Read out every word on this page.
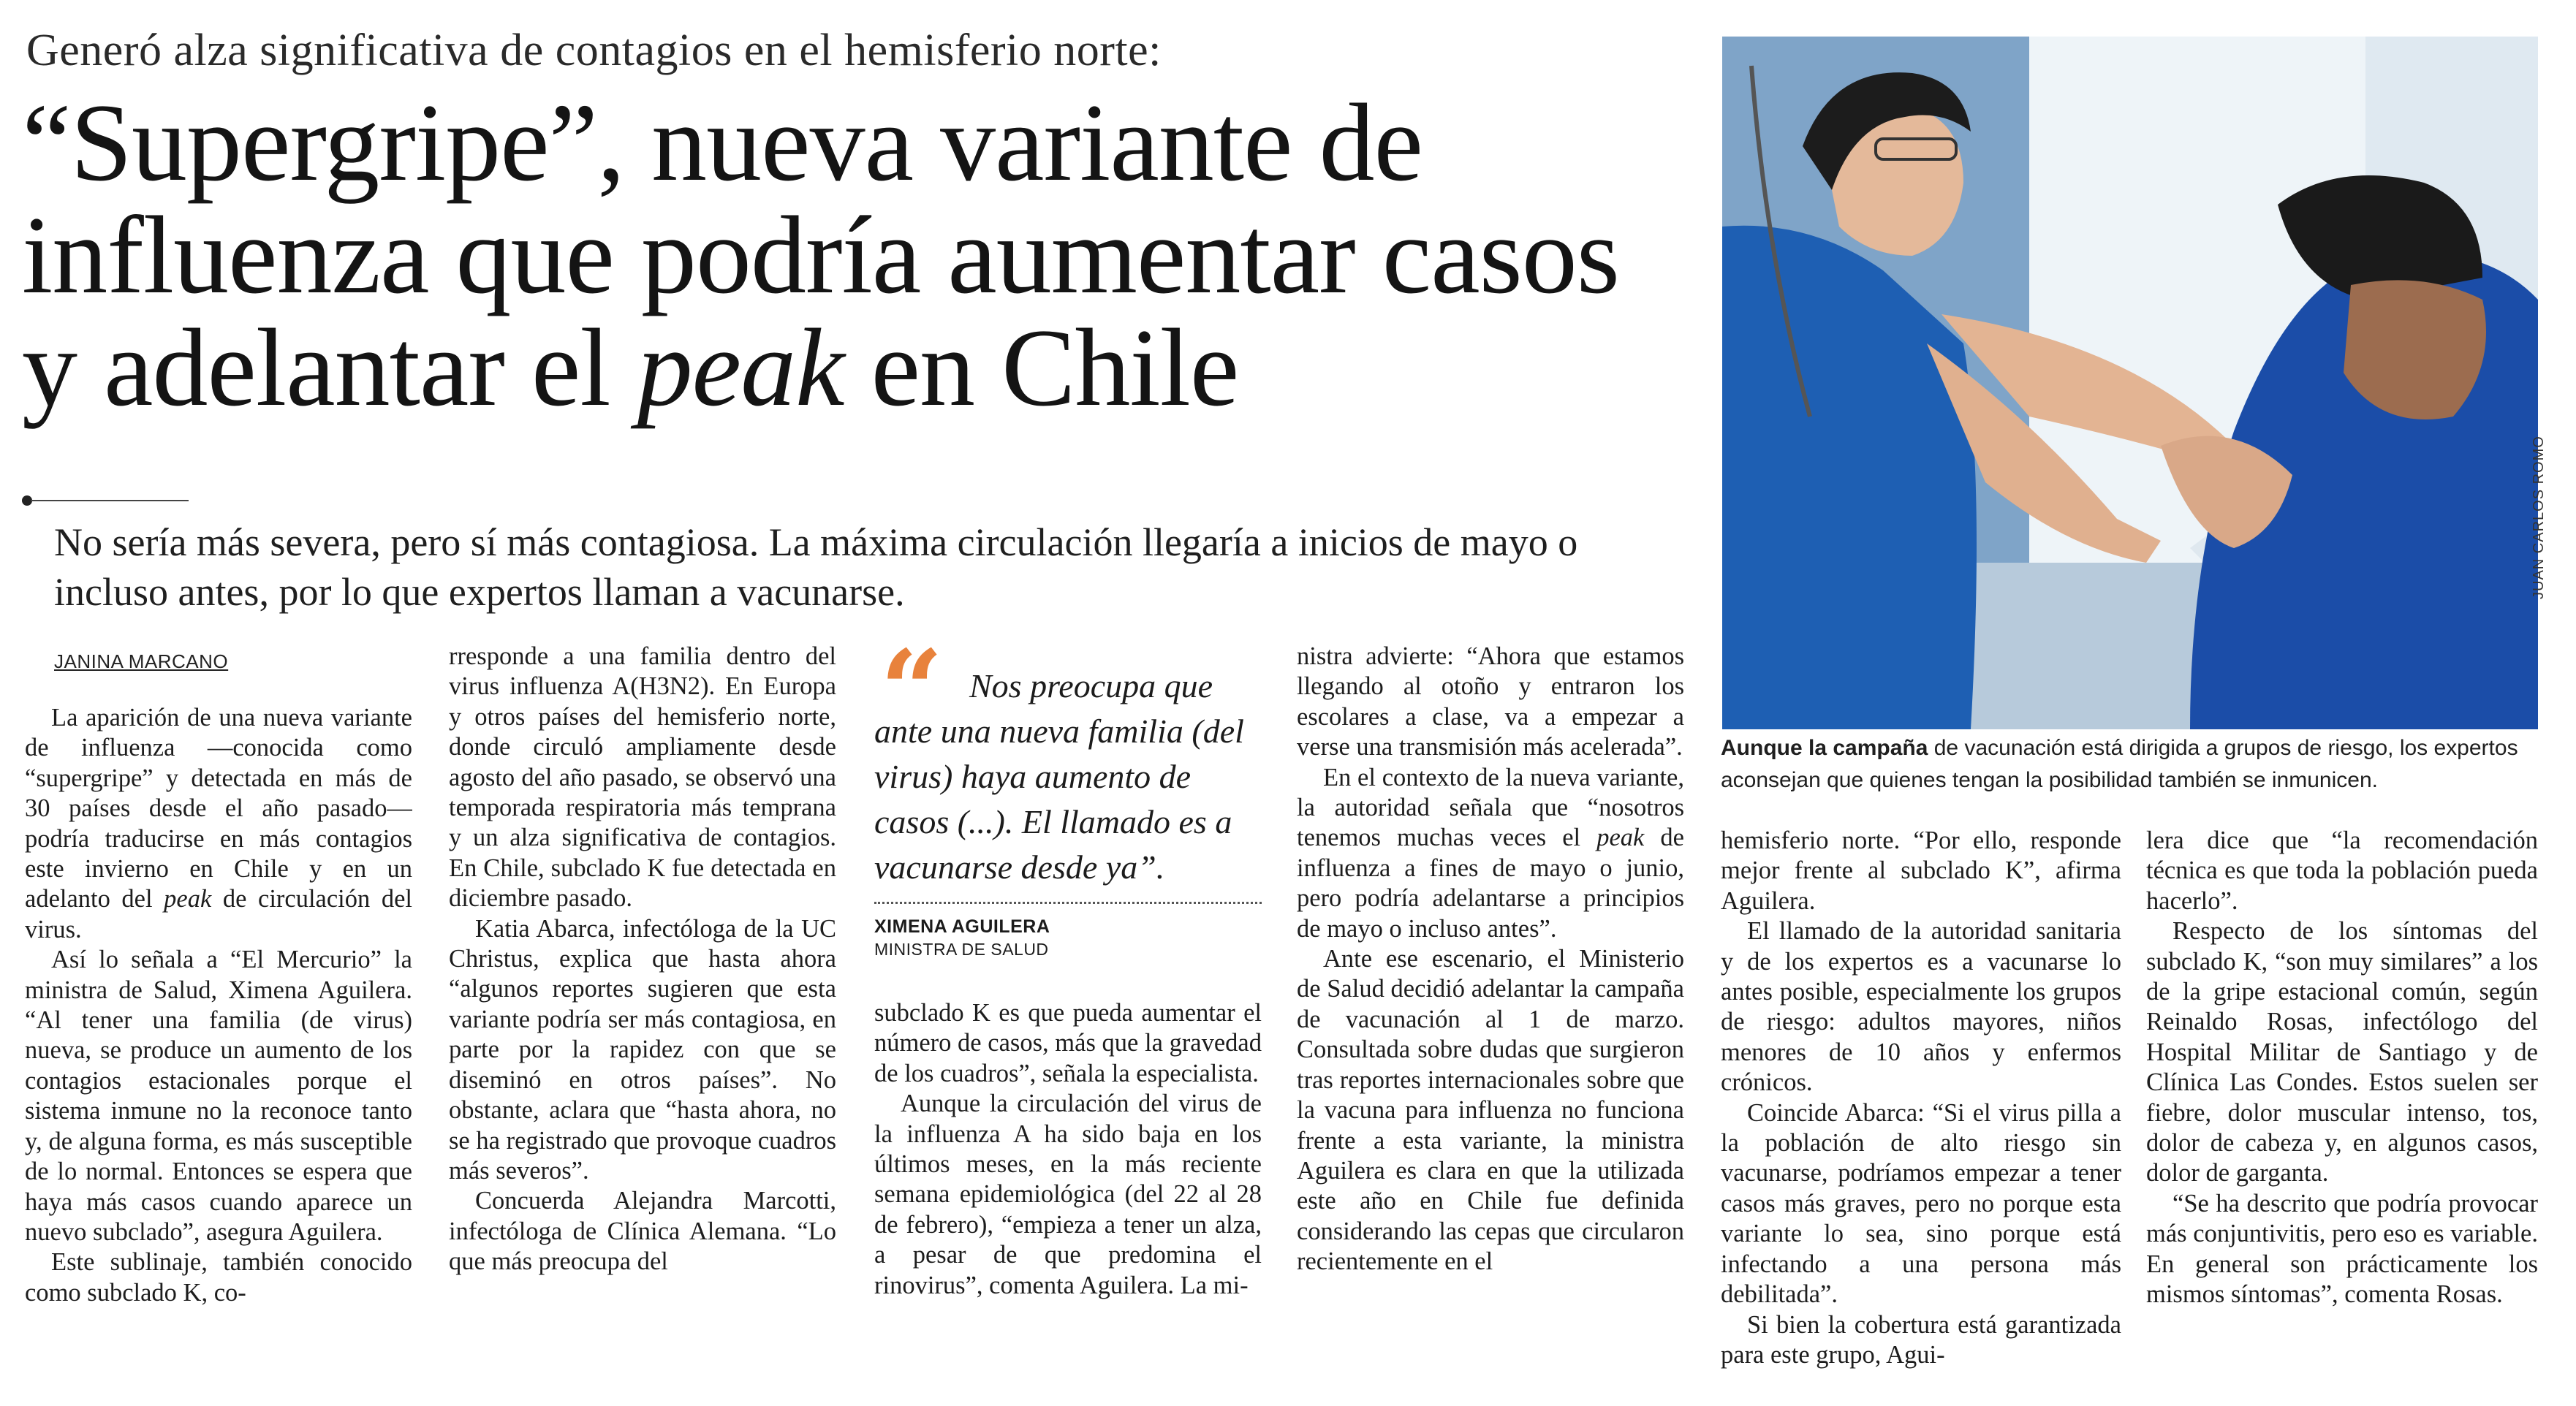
Generó alza significativa de contagios en el hemisferio norte:
“Supergripe”, nueva variante de influenza que podría aumentar casos y adelantar el peak en Chile
No sería más severa, pero sí más contagiosa. La máxima circulación llegaría a inicios de mayo o incluso antes, por lo que expertos llaman a vacunarse.
JANINA MARCANO

La aparición de una nueva variante de influenza —conocida como “supergripe” y detectada en más de 30 países desde el año pasado— podría traducirse en más contagios este invierno en Chile y en un adelanto del peak de circulación del virus.

Así lo señala a “El Mercurio” la ministra de Salud, Ximena Aguilera. “Al tener una familia (de virus) nueva, se produce un aumento de los contagios estacionales porque el sistema inmune no la reconoce tanto y, de alguna forma, es más susceptible de lo normal. Entonces se espera que haya más casos cuando aparece un nuevo subclado”, asegura Aguilera.

Este sublinaje, también conocido como subclado K, co-

rresponde a una familia dentro del virus influenza A(H3N2). En Europa y otros países del hemisferio norte, donde circuló ampliamente desde agosto del año pasado, se observó una temporada respiratoria más temprana y un alza significativa de contagios. En Chile, subclado K fue detectada en diciembre pasado.

Katia Abarca, infectóloga de la UC Christus, explica que hasta ahora “algunos reportes sugieren que esta variante podría ser más contagiosa, en parte por la rapidez con que se diseminó en otros países”. No obstante, aclara que “hasta ahora, no se ha registrado que provoque cuadros más severos”.

Concuerda Alejandra Marcotti, infectóloga de Clínica Alemana. “Lo que más preocupa del

“ Nos preocupa que ante una nueva familia (del virus) haya aumento de casos (...). El llamado es a vacunarse desde ya”.
XIMENA AGUILERA
MINISTRA DE SALUD

subclado K es que pueda aumentar el número de casos, más que la gravedad de los cuadros”, señala la especialista.

Aunque la circulación del virus de la influenza A ha sido baja en los últimos meses, en la más reciente semana epidemiológica (del 22 al 28 de febrero), “empieza a tener un alza, a pesar de que predomina el rinovirus”, comenta Aguilera. La mi-

nistra advierte: “Ahora que estamos llegando al otoño y entraron los escolares a clase, va a empezar a verse una transmisión más acelerada”.

En el contexto de la nueva variante, la autoridad señala que “nosotros tenemos muchas veces el peak de influenza a fines de mayo o junio, pero podría adelantarse a principios de mayo o incluso antes”.

Ante ese escenario, el Ministerio de Salud decidió adelantar la campaña de vacunación al 1 de marzo. Consultada sobre dudas que surgieron tras reportes internacionales sobre que la vacuna para influenza no funciona frente a esta variante, la ministra Aguilera es clara en que la utilizada este año en Chile fue definida considerando las cepas que circularon recientemente en el

JUAN CARLOS ROMO
Aunque la campaña de vacunación está dirigida a grupos de riesgo, los expertos aconsejan que quienes tengan la posibilidad también se inmunicen.

hemisferio norte. “Por ello, responde mejor frente al subclado K”, afirma Aguilera.

El llamado de la autoridad sanitaria y de los expertos es a vacunarse lo antes posible, especialmente los grupos de riesgo: adultos mayores, niños menores de 10 años y enfermos crónicos.

Coincide Abarca: “Si el virus pilla a la población de alto riesgo sin vacunarse, podríamos empezar a tener casos más graves, pero no porque esta variante lo sea, sino porque está infectando a una persona más debilitada”.

Si bien la cobertura está garantizada para este grupo, Agui-

lera dice que “la recomendación técnica es que toda la población pueda hacerlo”.

Respecto de los síntomas del subclado K, “son muy similares” a los de la gripe estacional común, según Reinaldo Rosas, infectólogo del Hospital Militar de Santiago y de Clínica Las Condes. Estos suelen ser fiebre, dolor muscular intenso, tos, dolor de cabeza y, en algunos casos, dolor de garganta.

“Se ha descrito que podría provocar más conjuntivitis, pero eso es variable. En general son prácticamente los mismos síntomas”, comenta Rosas.
